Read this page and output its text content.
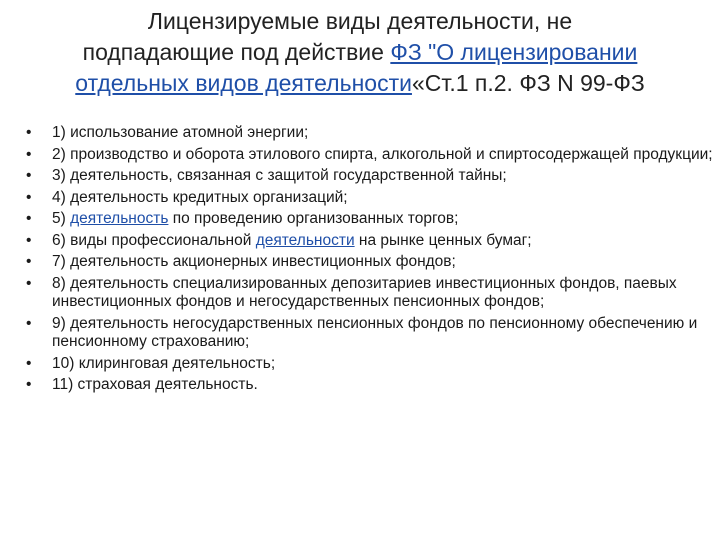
Лицензируемые виды деятельности, не
подпадающие под действие ФЗ "О лицензировании
отдельных видов деятельности«Ст.1 п.2. ФЗ N 99-ФЗ
•	1) использование атомной энергии;
•	2) производство и оборота этилового спирта, алкогольной и спиртосодержащей продукции;
•	3) деятельность, связанная с защитой государственной тайны;
•	4) деятельность кредитных организаций;
•	5) деятельность по проведению организованных торгов;
•	6) виды профессиональной деятельности на рынке ценных бумаг;
•	7) деятельность акционерных инвестиционных фондов;
•	8) деятельность специализированных депозитариев инвестиционных фондов, паевых инвестиционных фондов и негосударственных пенсионных фондов;
•	9) деятельность негосударственных пенсионных фондов по пенсионному обеспечению и пенсионному страхованию;
•	10) клиринговая деятельность;
•	11) страховая деятельность.
